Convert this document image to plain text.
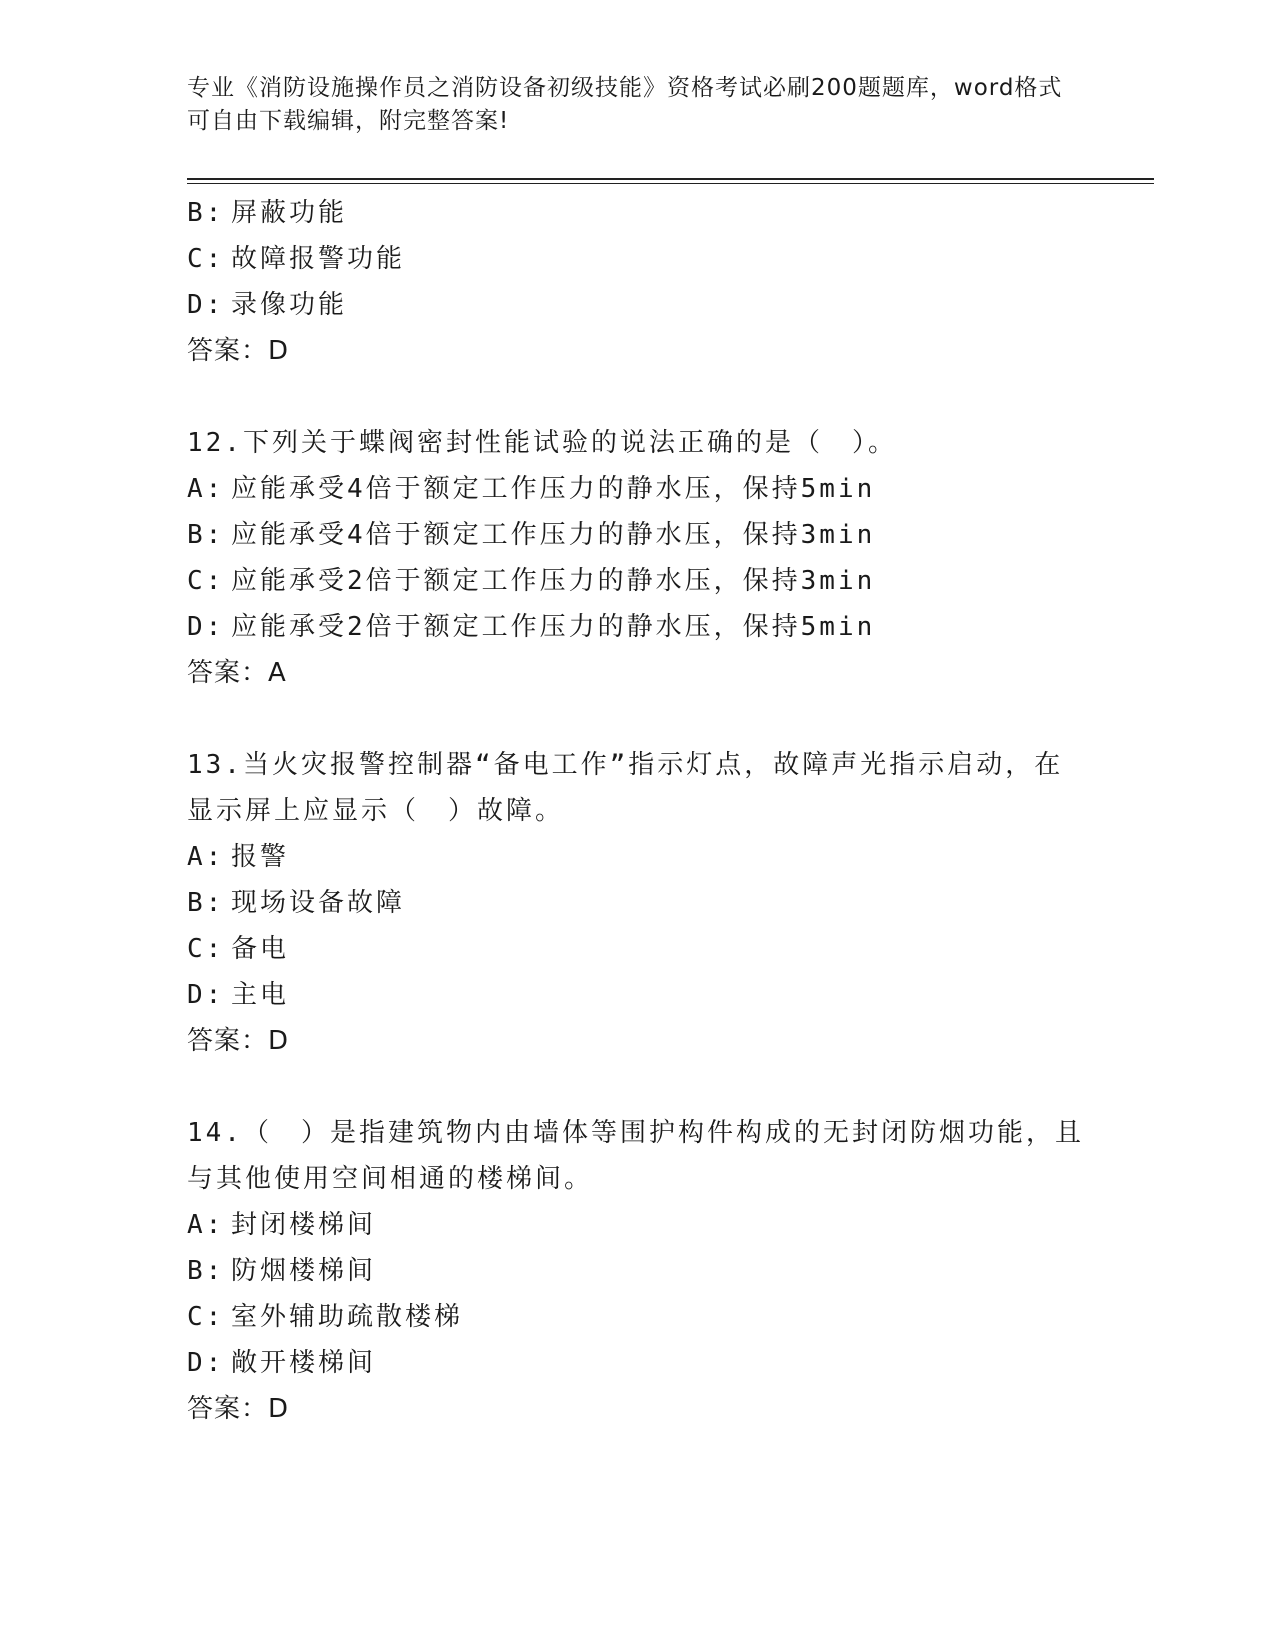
专业《消防设施操作员之消防设备初级技能》资格考试必刷200题题库，word格式可自由下载编辑，附完整答案!
B: 屏蔽功能
C: 故障报警功能
D: 录像功能
答案：D
12.下列关于蝶阀密封性能试验的说法正确的是（　）。
A: 应能承受4倍于额定工作压力的静水压，保持5min
B: 应能承受4倍于额定工作压力的静水压，保持3min
C: 应能承受2倍于额定工作压力的静水压，保持3min
D: 应能承受2倍于额定工作压力的静水压，保持5min
答案：A
13.当火灾报警控制器“备电工作”指示灯点，故障声光指示启动，在显示屏上应显示（　）故障。
A: 报警
B: 现场设备故障
C: 备电
D: 主电
答案：D
14.（　）是指建筑物内由墙体等围护构件构成的无封闭防烟功能，且与其他使用空间相通的楼梯间。
A: 封闭楼梯间
B: 防烟楼梯间
C: 室外辅助疏散楼梯
D: 敞开楼梯间
答案：D
